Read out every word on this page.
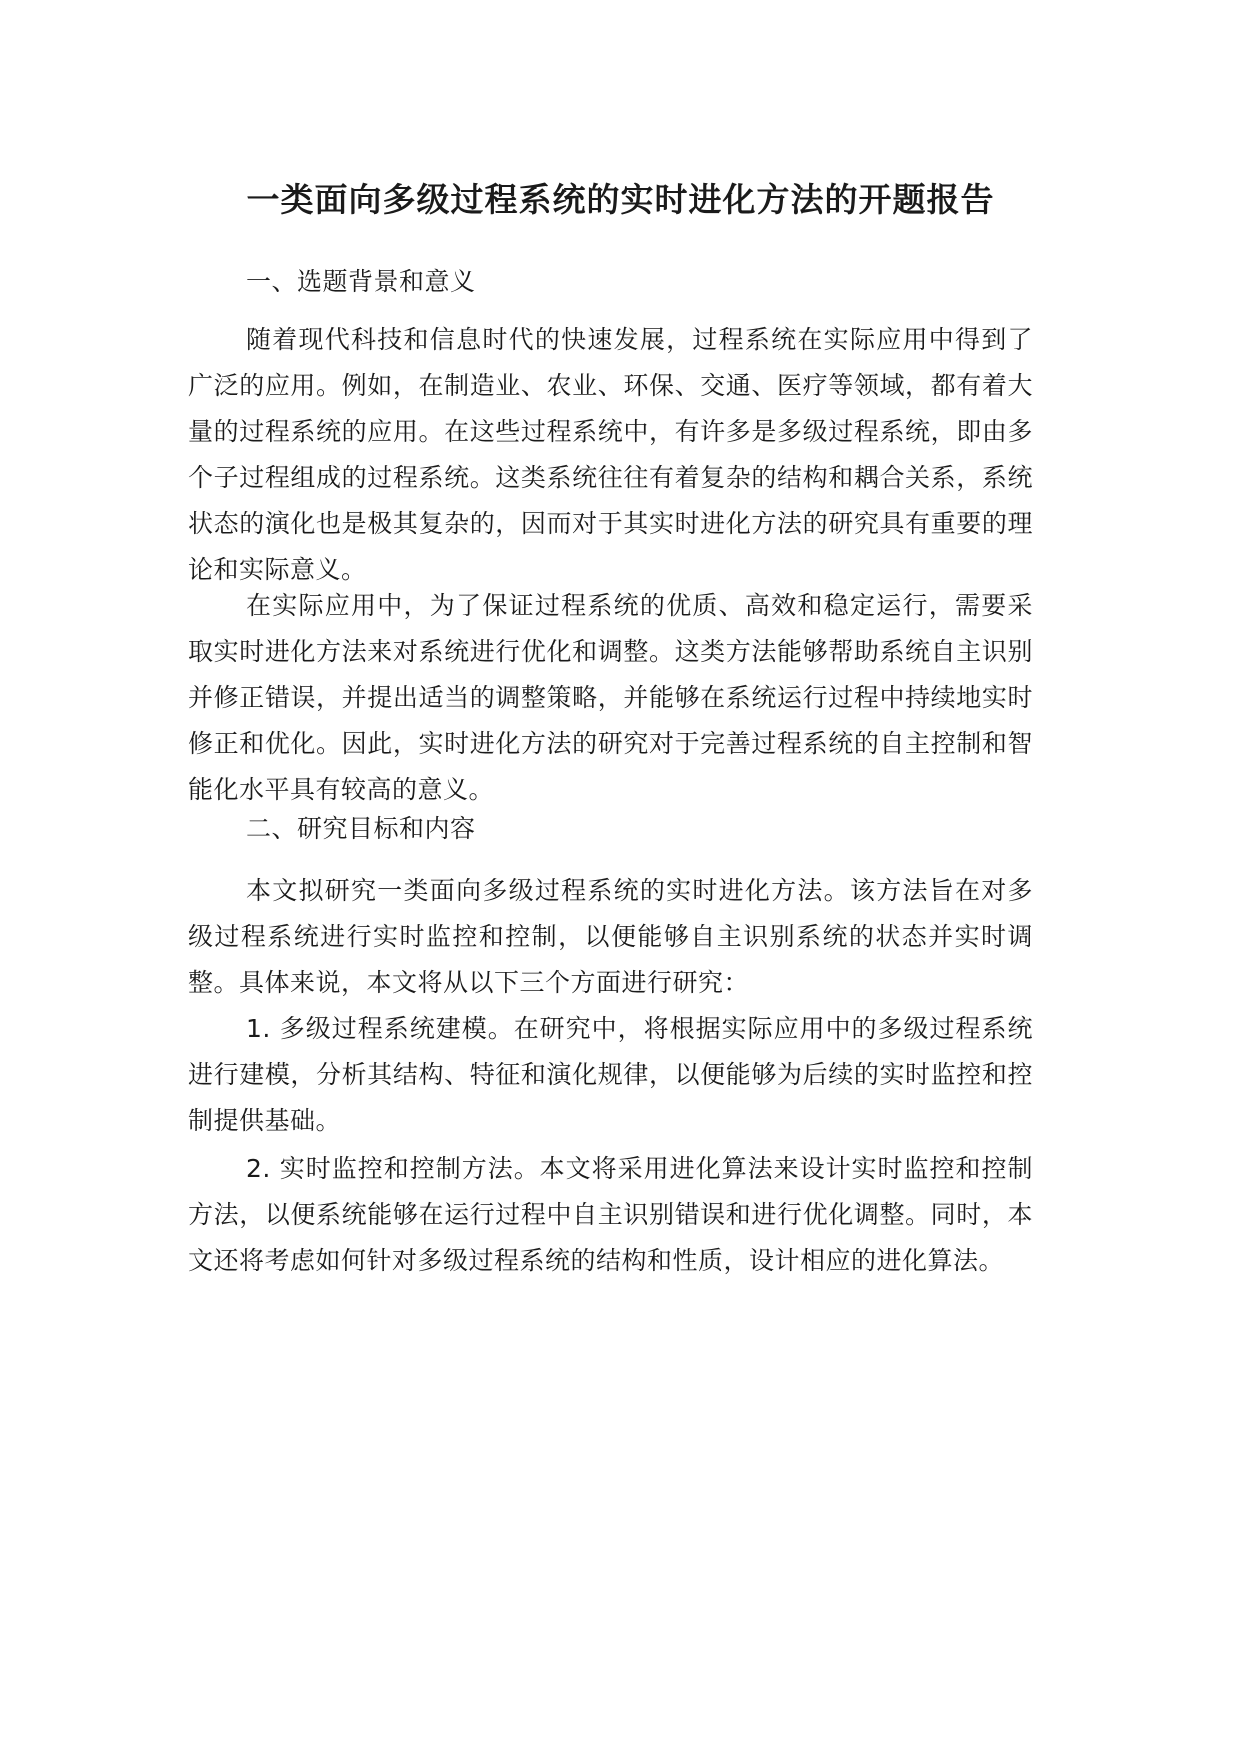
一类面向多级过程系统的实时进化方法的开题报告

一、选题背景和意义

随着现代科技和信息时代的快速发展，过程系统在实际应用中得到了广泛的应用。例如，在制造业、农业、环保、交通、医疗等领域，都有着大量的过程系统的应用。在这些过程系统中，有许多是多级过程系统，即由多个子过程组成的过程系统。这类系统往往有着复杂的结构和耦合关系，系统状态的演化也是极其复杂的，因而对于其实时进化方法的研究具有重要的理论和实际意义。

在实际应用中，为了保证过程系统的优质、高效和稳定运行，需要采取实时进化方法来对系统进行优化和调整。这类方法能够帮助系统自主识别并修正错误，并提出适当的调整策略，并能够在系统运行过程中持续地实时修正和优化。因此，实时进化方法的研究对于完善过程系统的自主控制和智能化水平具有较高的意义。

二、研究目标和内容

本文拟研究一类面向多级过程系统的实时进化方法。该方法旨在对多级过程系统进行实时监控和控制，以便能够自主识别系统的状态并实时调整。具体来说，本文将从以下三个方面进行研究：

1. 多级过程系统建模。在研究中，将根据实际应用中的多级过程系统进行建模，分析其结构、特征和演化规律，以便能够为后续的实时监控和控制提供基础。

2. 实时监控和控制方法。本文将采用进化算法来设计实时监控和控制方法，以便系统能够在运行过程中自主识别错误和进行优化调整。同时，本文还将考虑如何针对多级过程系统的结构和性质，设计相应的进化算法。
